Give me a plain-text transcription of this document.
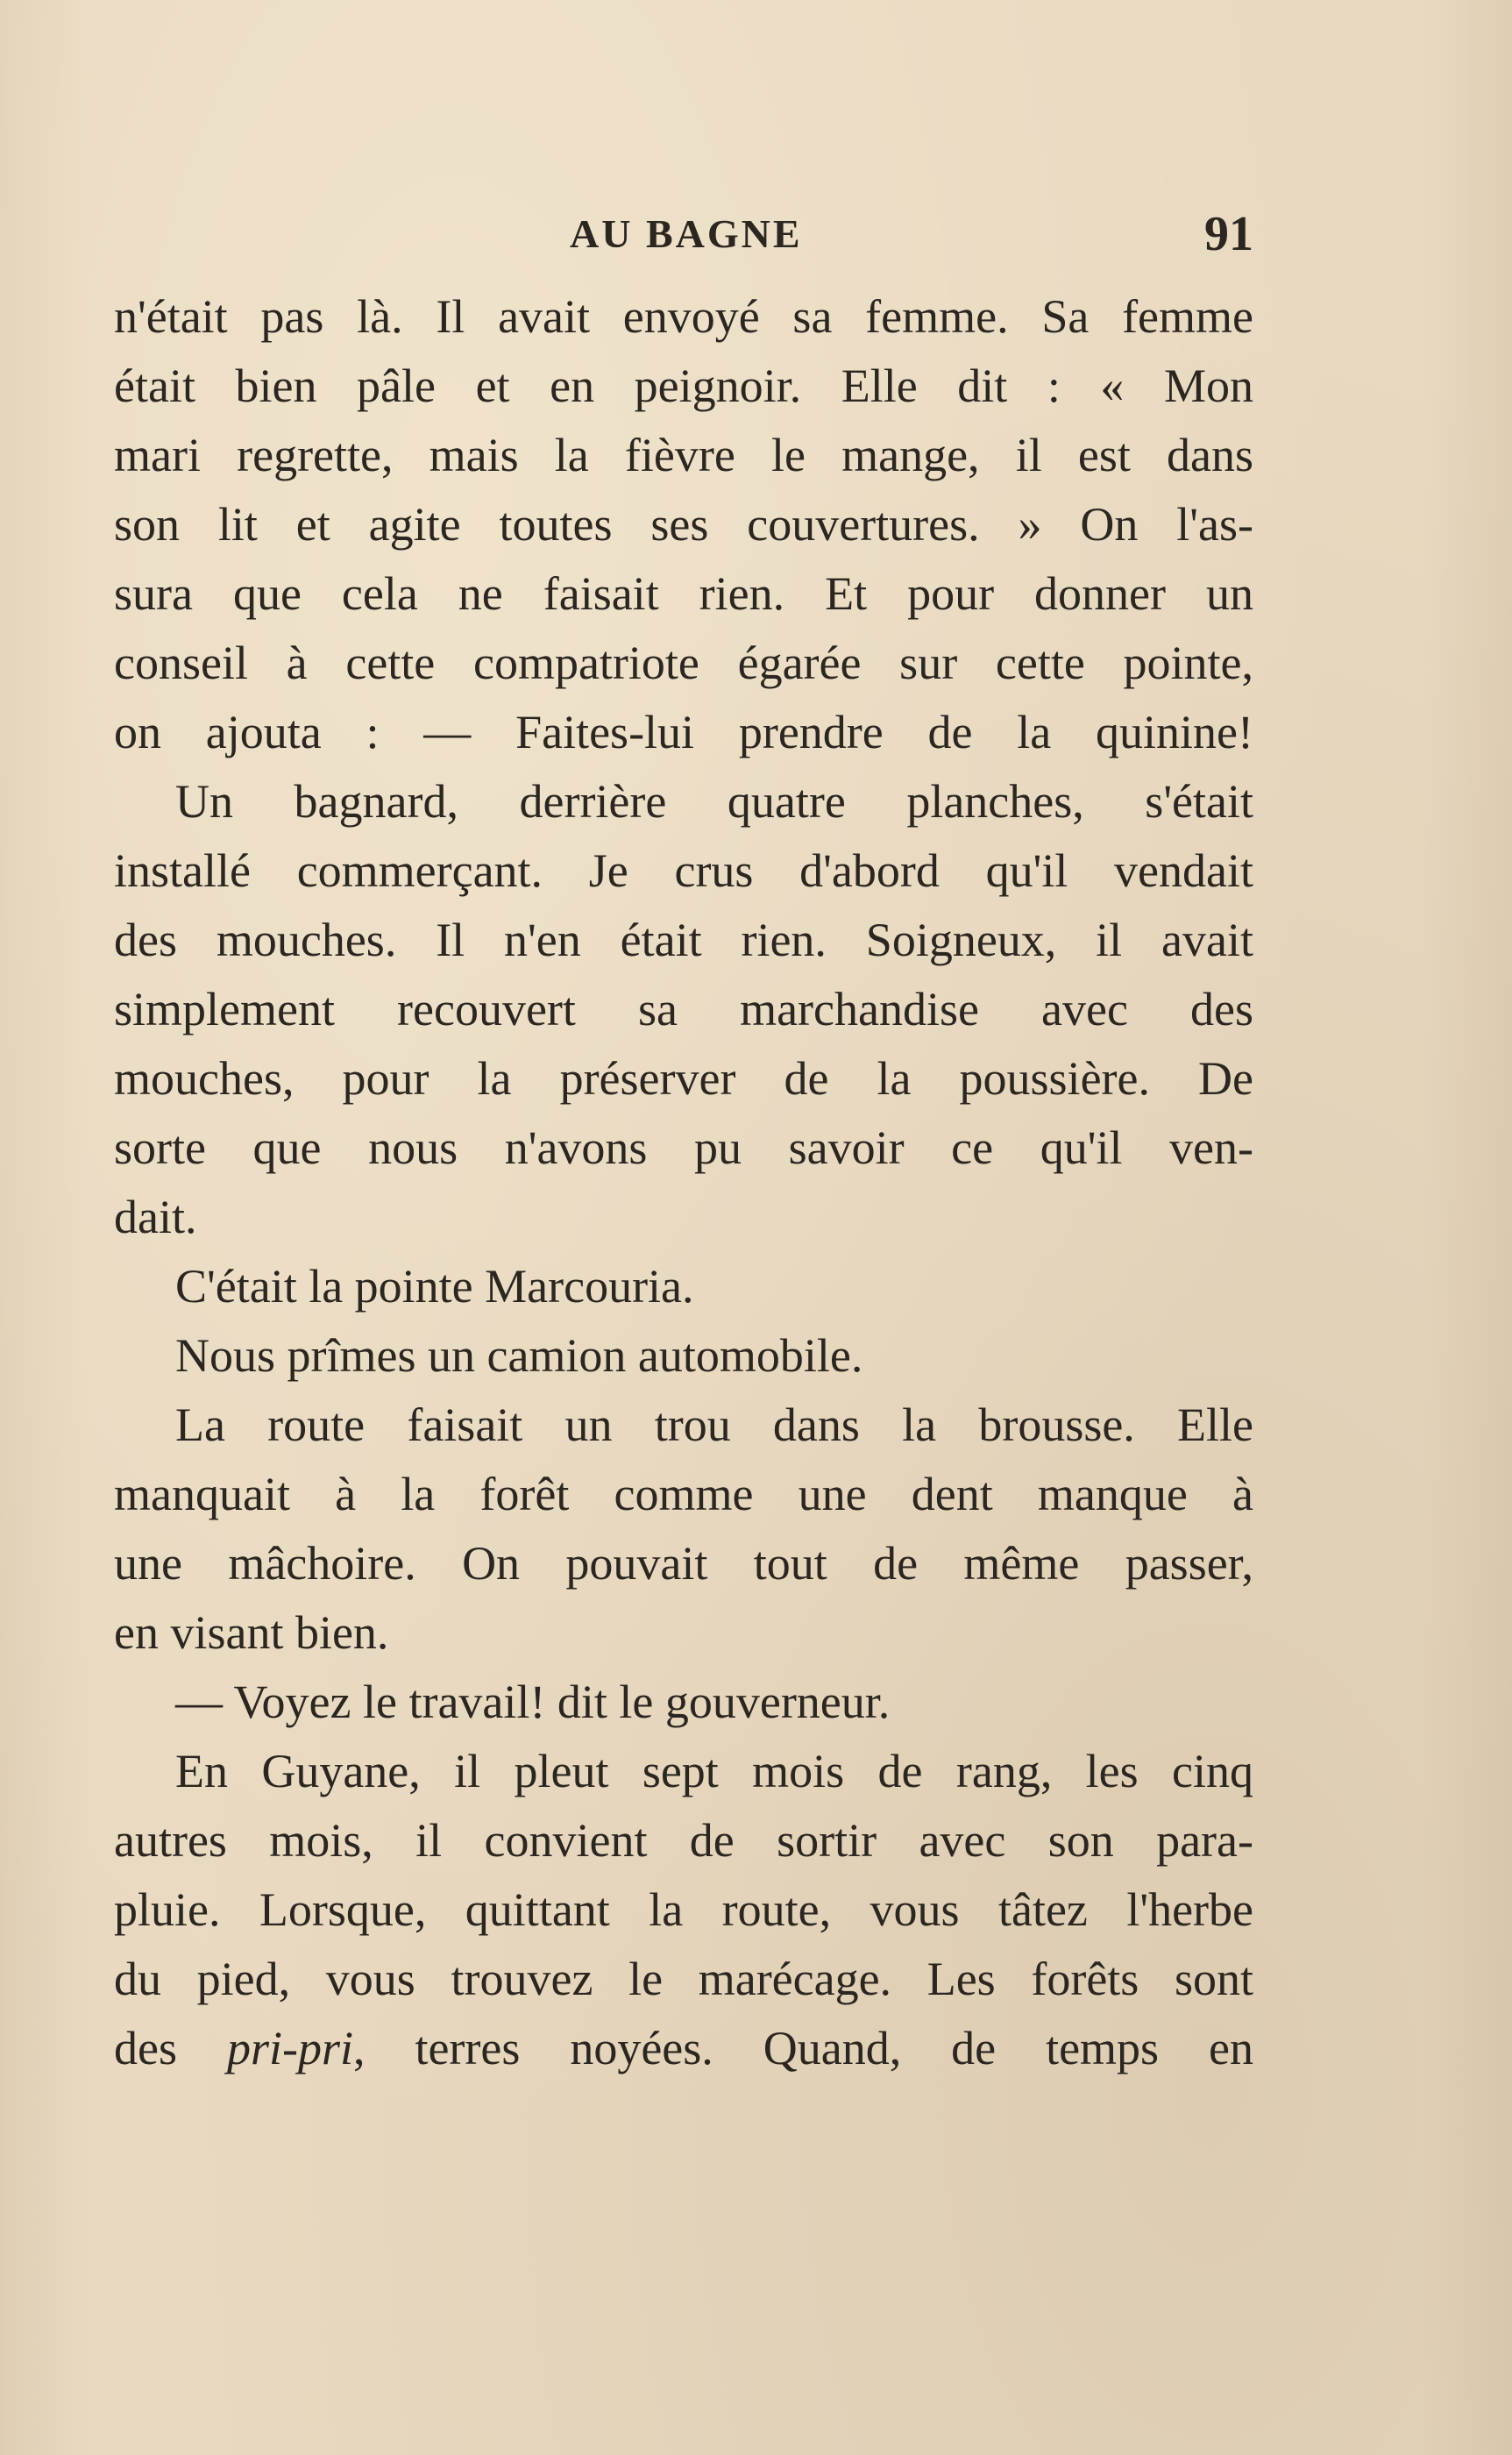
AU BAGNE	91
n'était pas là. Il avait envoyé sa femme. Sa femme
était bien pâle et en peignoir. Elle dit : « Mon
mari regrette, mais la fièvre le mange, il est dans
son lit et agite toutes ses couvertures. » On l'as-
sura que cela ne faisait rien. Et pour donner un
conseil à cette compatriote égarée sur cette pointe,
on ajouta : — Faites-lui prendre de la quinine!
Un bagnard, derrière quatre planches, s'était
installé commerçant. Je crus d'abord qu'il vendait
des mouches. Il n'en était rien. Soigneux, il avait
simplement recouvert sa marchandise avec des
mouches, pour la préserver de la poussière. De
sorte que nous n'avons pu savoir ce qu'il ven-
dait.
C'était la pointe Marcouria.
Nous prîmes un camion automobile.
La route faisait un trou dans la brousse. Elle
manquait à la forêt comme une dent manque à
une mâchoire. On pouvait tout de même passer,
en visant bien.
— Voyez le travail! dit le gouverneur.
En Guyane, il pleut sept mois de rang, les cinq
autres mois, il convient de sortir avec son para-
pluie. Lorsque, quittant la route, vous tâtez l'herbe
du pied, vous trouvez le marécage. Les forêts sont
des pri-pri, terres noyées. Quand, de temps en
